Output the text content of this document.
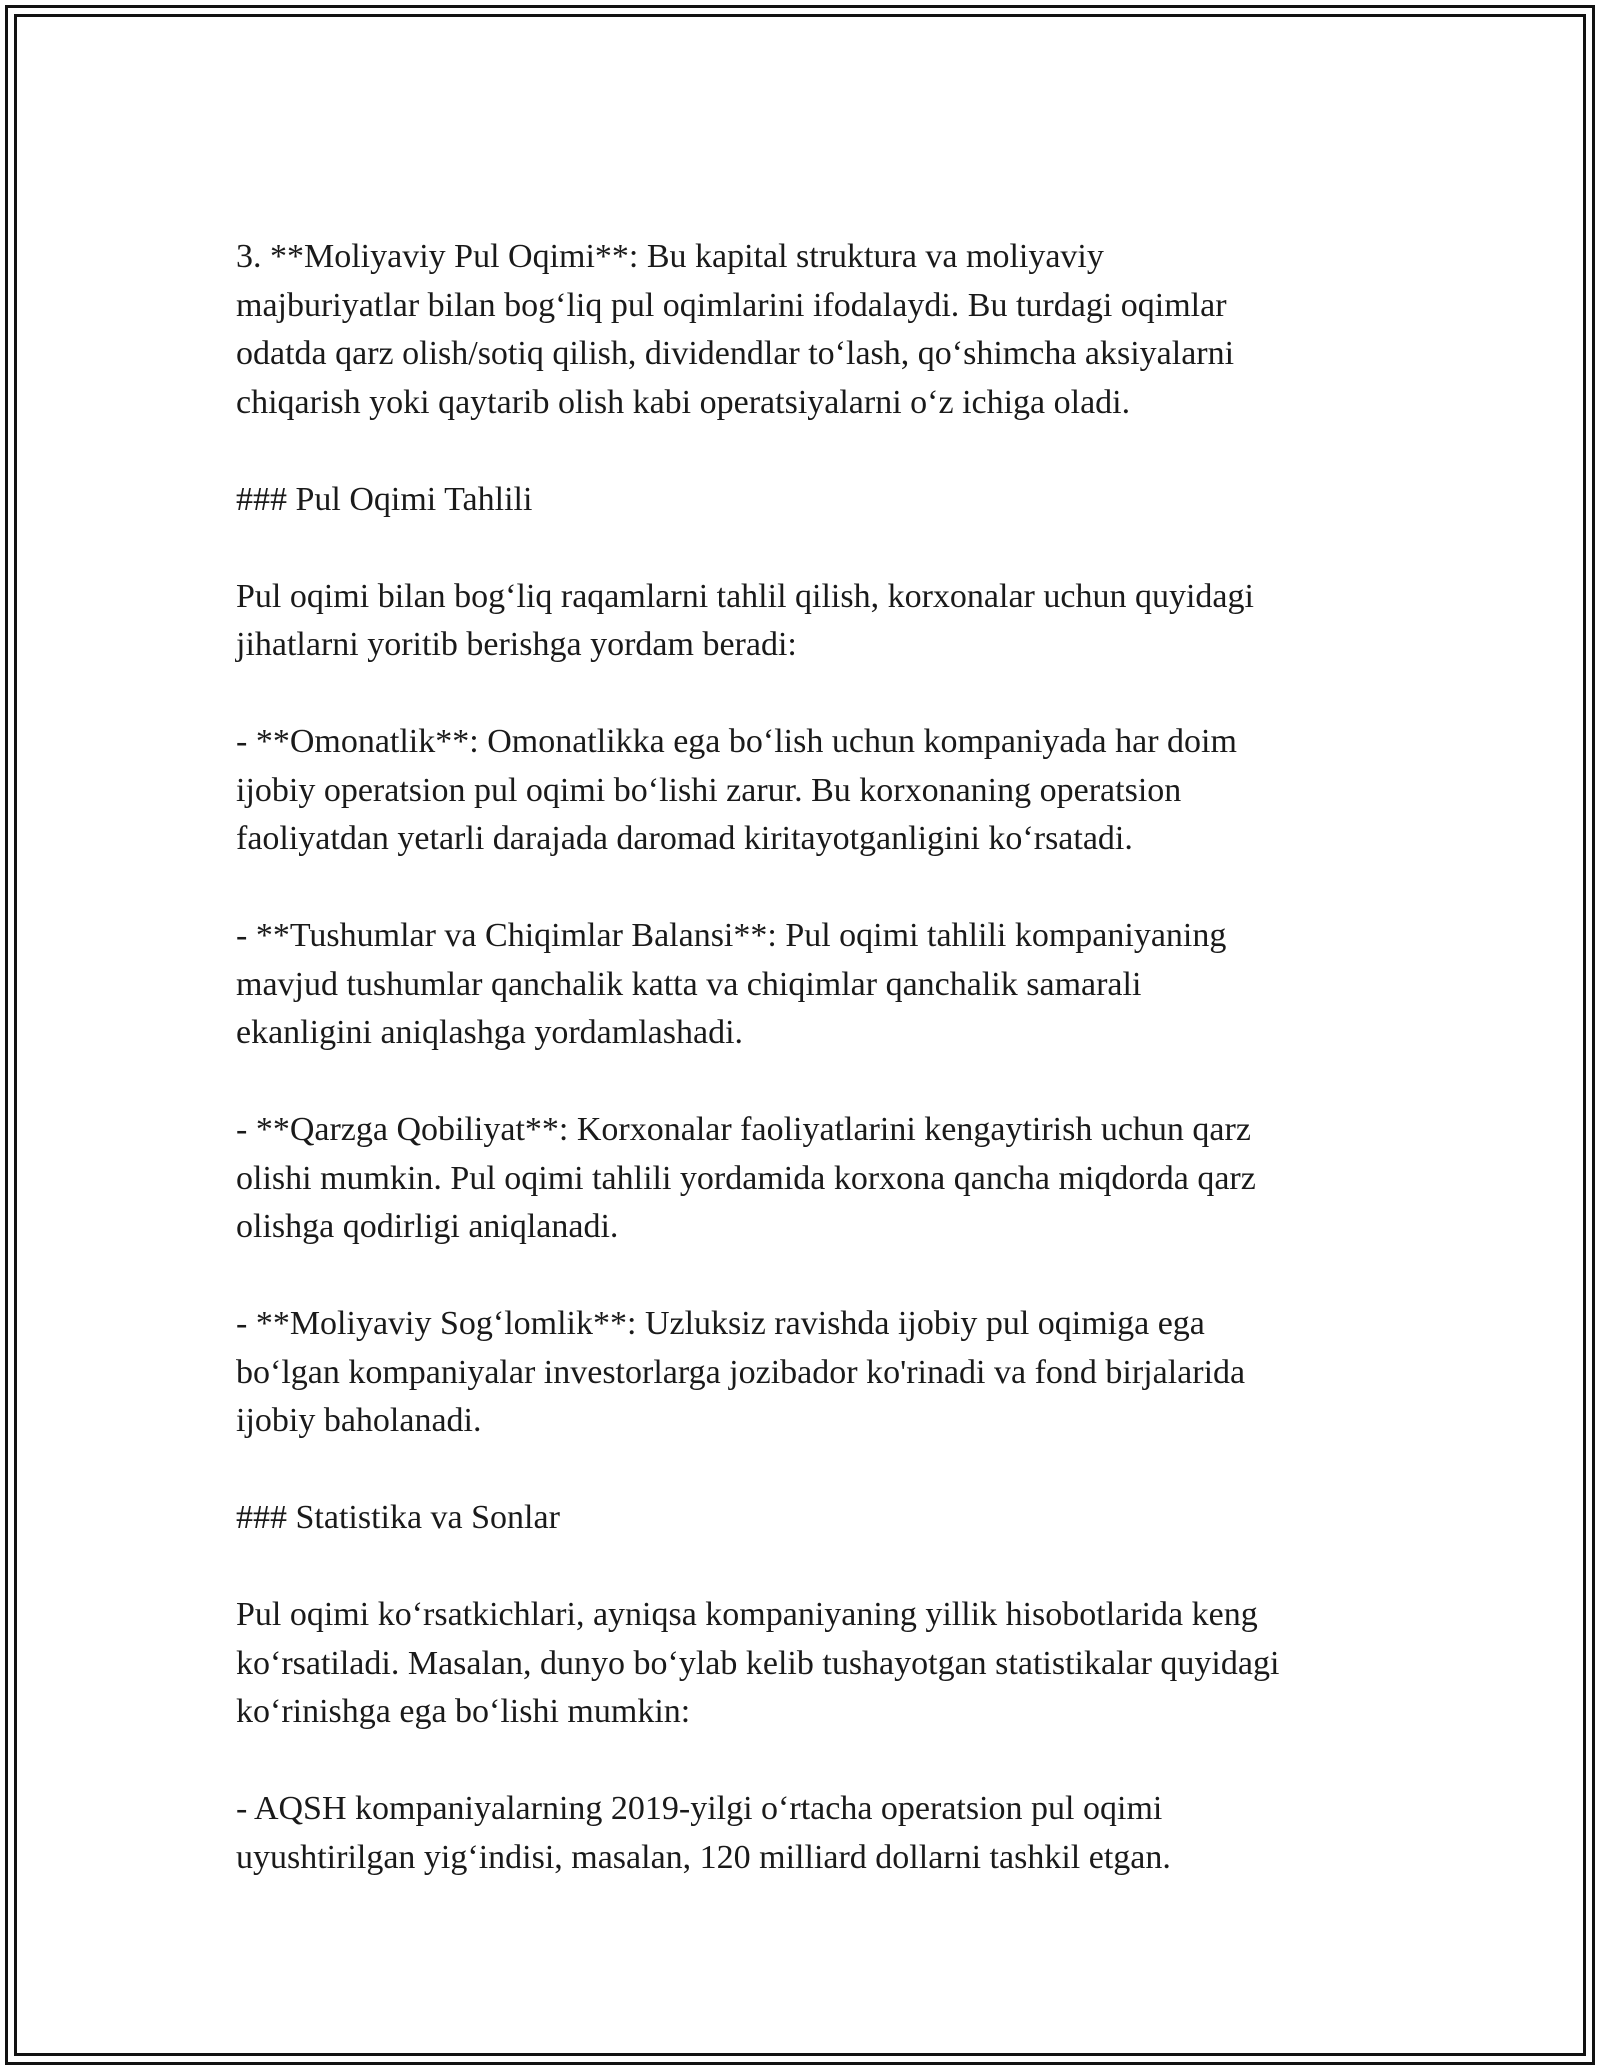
3. **Moliyaviy Pul Oqimi**: Bu kapital struktura va moliyaviy
majburiyatlar bilan bog‘liq pul oqimlarini ifodalaydi. Bu turdagi oqimlar
odatda qarz olish/sotiq qilish, dividendlar to‘lash, qo‘shimcha aksiyalarni
chiqarish yoki qaytarib olish kabi operatsiyalarni o‘z ichiga oladi.

### Pul Oqimi Tahlili

Pul oqimi bilan bog‘liq raqamlarni tahlil qilish, korxonalar uchun quyidagi
jihatlarni yoritib berishga yordam beradi:

- **Omonatlik**: Omonatlikka ega bo‘lish uchun kompaniyada har doim
ijobiy operatsion pul oqimi bo‘lishi zarur. Bu korxonaning operatsion
faoliyatdan yetarli darajada daromad kiritayotganligini ko‘rsatadi.

- **Tushumlar va Chiqimlar Balansi**: Pul oqimi tahlili kompaniyaning
mavjud tushumlar qanchalik katta va chiqimlar qanchalik samarali
ekanligini aniqlashga yordamlashadi.

- **Qarzga Qobiliyat**: Korxonalar faoliyatlarini kengaytirish uchun qarz
olishi mumkin. Pul oqimi tahlili yordamida korxona qancha miqdorda qarz
olishga qodirligi aniqlanadi.

- **Moliyaviy Sog‘lomlik**: Uzluksiz ravishda ijobiy pul oqimiga ega
bo‘lgan kompaniyalar investorlarga jozibador ko'rinadi va fond birjalarida
ijobiy baholanadi.

### Statistika va Sonlar

Pul oqimi ko‘rsatkichlari, ayniqsa kompaniyaning yillik hisobotlarida keng
ko‘rsatiladi. Masalan, dunyo bo‘ylab kelib tushayotgan statistikalar quyidagi
ko‘rinishga ega bo‘lishi mumkin:

- AQSH kompaniyalarning 2019-yilgi o‘rtacha operatsion pul oqimi
uyushtirilgan yig‘indisi, masalan, 120 milliard dollarni tashkil etgan.
